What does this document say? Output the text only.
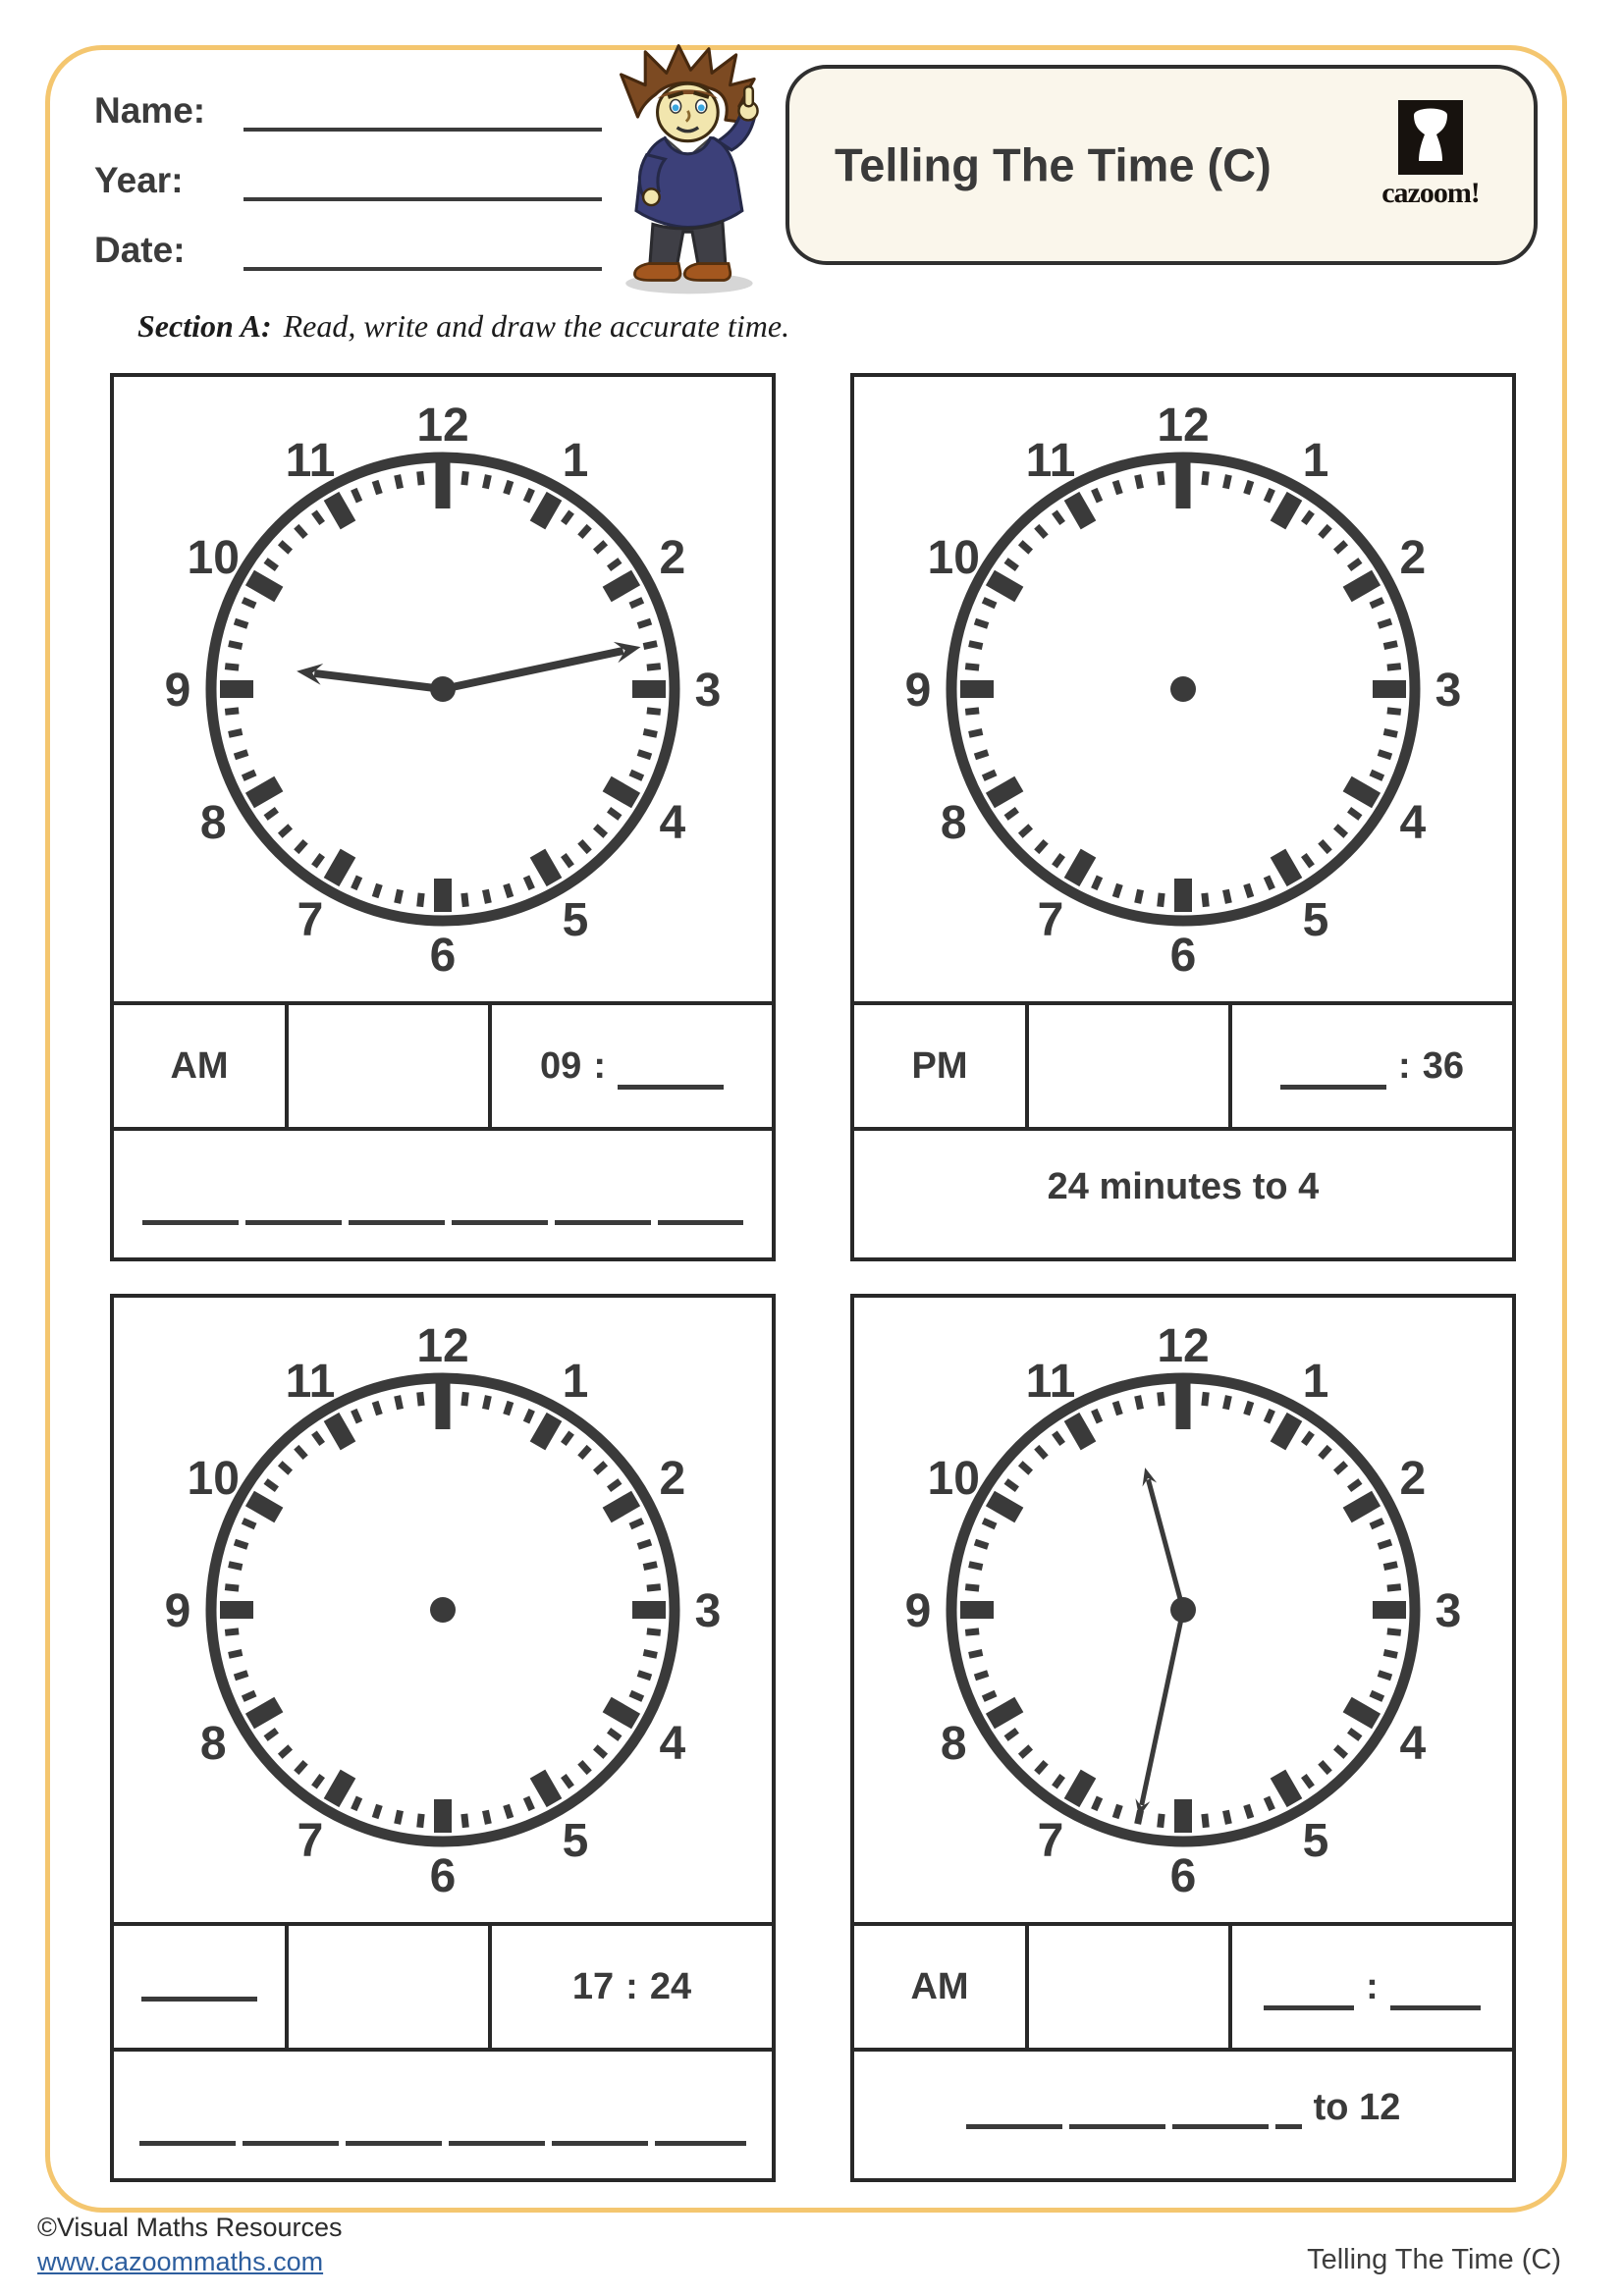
Name:
Year:
Date:
Telling The Time (C)
cazoom!
Section A: Read, write and draw the accurate time.
1
2
3
4
5
6
7
8
9
10
11
12
AM	09 :
1
2
3
4
5
6
7
8
9
10
11
12
PM	: 36
24 minutes to 4
1
2
3
4
5
6
7
8
9
10
11
12
17 : 24
1
2
3
4
5
6
7
8
9
10
11
12
AM	:
to 12
©Visual Maths Resources
www.cazoommaths.com	Telling The Time (C)
